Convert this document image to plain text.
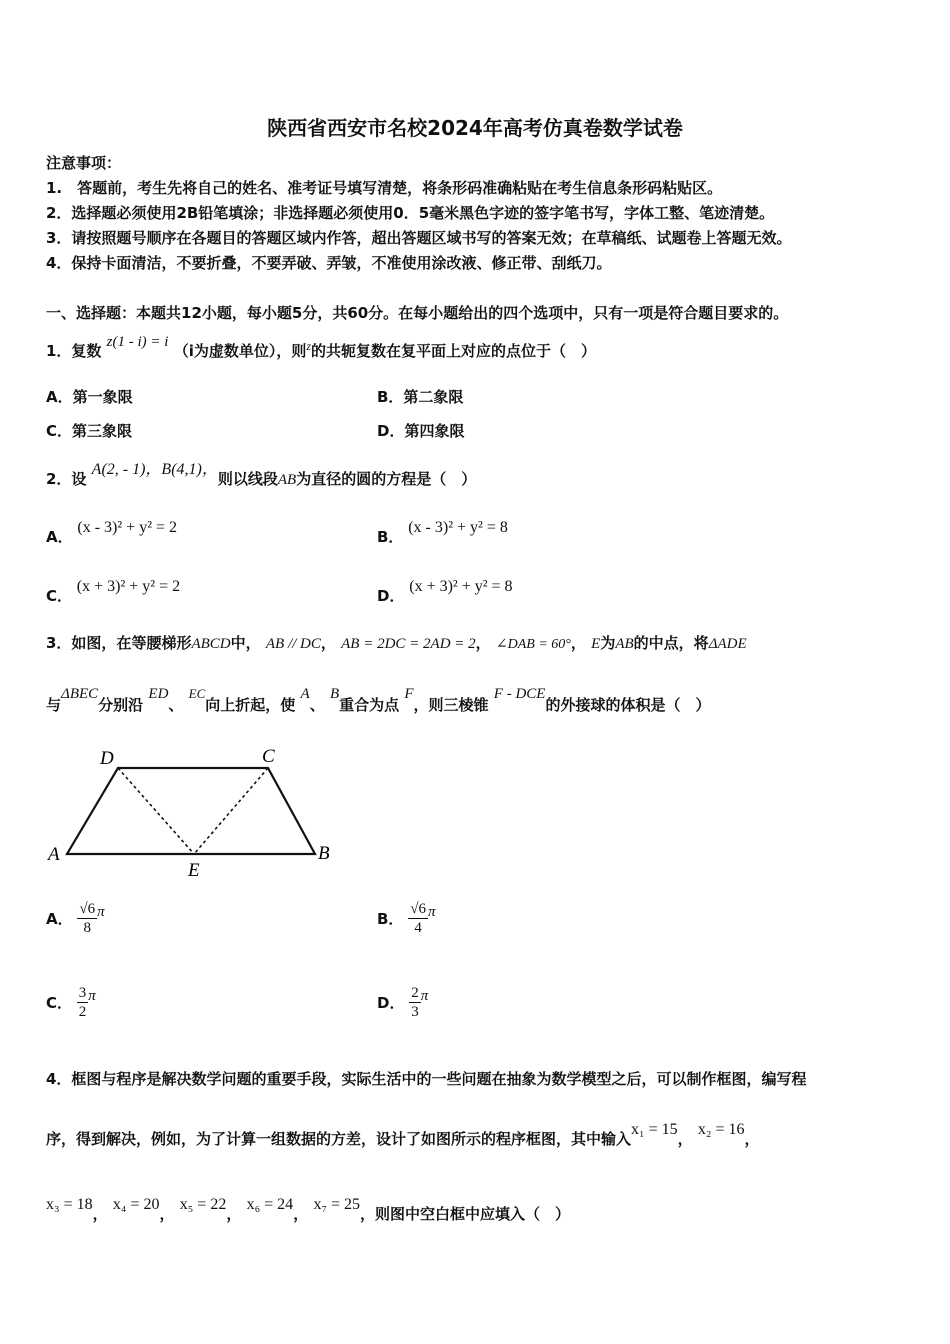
陕西省西安市名校2024年高考仿真卷数学试卷
注意事项：
1.　答题前，考生先将自己的姓名、准考证号填写清楚，将条形码准确粘贴在考生信息条形码粘贴区。
2．选择题必须使用2B铅笔填涂；非选择题必须使用0．5毫米黑色字迹的签字笔书写，字体工整、笔迹清楚。
3．请按照题号顺序在各题目的答题区域内作答，超出答题区域书写的答案无效；在草稿纸、试题卷上答题无效。
4．保持卡面清洁，不要折叠，不要弄破、弄皱，不准使用涂改液、修正带、刮纸刀。
一、选择题：本题共12小题，每小题5分，共60分。在每小题给出的四个选项中，只有一项是符合题目要求的。
1．复数 z(1 - i) = i （i为虚数单位），则$^z$的共轭复数在复平面上对应的点位于（　）
A．第一象限	B．第二象限
C．第三象限	D．第四象限
2．设 A(2, - 1)，B(4,1)，则以线段AB为直径的圆的方程是（　）
A． (x - 3)² + y² = 2
B． (x - 3)² + y² = 8
C． (x + 3)² + y² = 2
D． (x + 3)² + y² = 8
3．如图，在等腰梯形ABCD中， AB // DC， AB = 2DC = 2AD = 2， ∠DAB = 60°， E为AB的中点，将ΔADE
与ΔBEC分别沿 ED、 EC向上折起，使 A、 B重合为点 F，则三棱锥 F - DCE的外接球的体积是（　）
D	C
A	B
E
A． $\frac{√6}{8}$ π	B． $\frac{√6}{4}$ π
C． $\frac{3}{2}$ π	D． $\frac{2}{3}$ π
4．框图与程序是解决数学问题的重要手段，实际生活中的一些问题在抽象为数学模型之后，可以制作框图，编写程
序，得到解决，例如，为了计算一组数据的方差，设计了如图所示的程序框图，其中输入x₁ = 15， x₂ = 16，
x₃ = 18， x₄ = 20， x₅ = 22， x₆ = 24， x₇ = 25，则图中空白框中应填入（　）
